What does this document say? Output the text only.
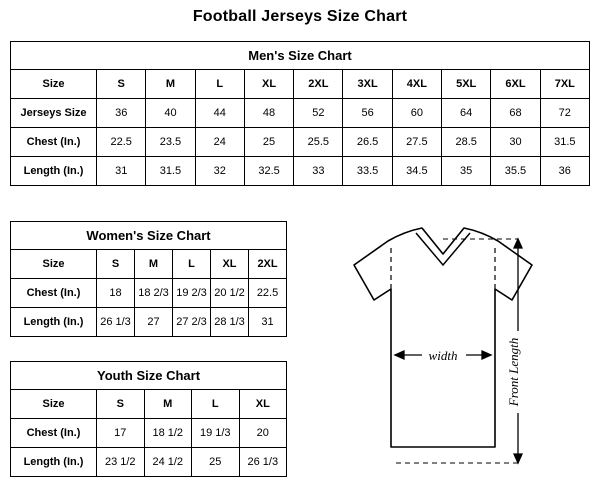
Football Jerseys Size Chart
Men's Size Chart										
Size	S	M	L	XL	2XL	3XL	4XL	5XL	6XL	7XL
Jerseys Size	36	40	44	48	52	56	60	64	68	72
Chest (In.)	22.5	23.5	24	25	25.5	26.5	27.5	28.5	30	31.5
Length (In.)	31	31.5	32	32.5	33	33.5	34.5	35	35.5	36
Women's Size Chart					
Size	S	M	L	XL	2XL
Chest (In.)	18	18 2/3	19 2/3	20 1/2	22.5
Length (In.)	26 1/3	27	27 2/3	28 1/3	31
Youth Size Chart				
Size	S	M	L	XL
Chest (In.)	17	18 1/2	19 1/3	20
Length (In.)	23 1/2	24 1/2	25	26 1/3
width	Front Length
